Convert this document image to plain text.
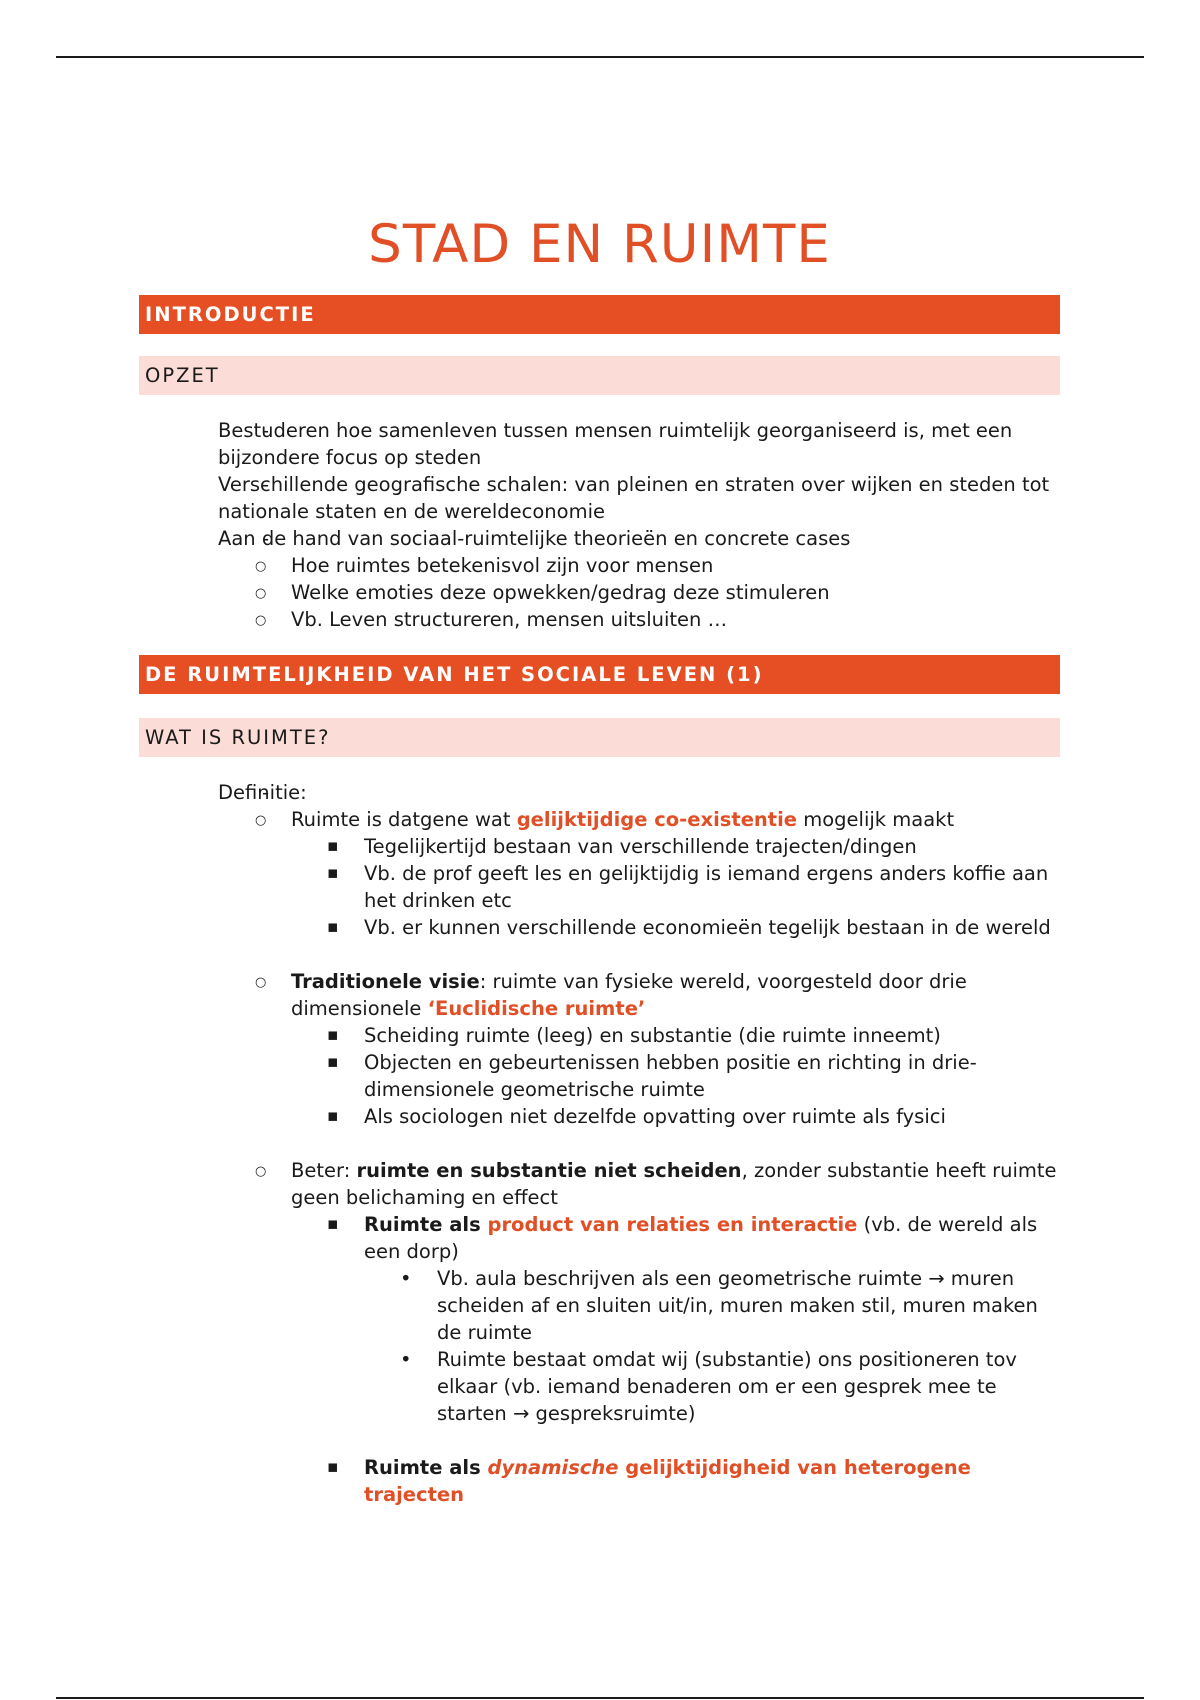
STAD EN RUIMTE
INTRODUCTIE
OPZET
- Bestuderen hoe samenleven tussen mensen ruimtelijk georganiseerd is, met een bijzondere focus op steden
- Verschillende geografische schalen: van pleinen en straten over wijken en steden tot nationale staten en de wereldeconomie
- Aan de hand van sociaal-ruimtelijke theorieën en concrete cases
○ Hoe ruimtes betekenisvol zijn voor mensen
○ Welke emoties deze opwekken/gedrag deze stimuleren
○ Vb. Leven structureren, mensen uitsluiten …
DE RUIMTELIJKHEID VAN HET SOCIALE LEVEN (1)
WAT IS RUIMTE?
- Definitie:
○ Ruimte is datgene wat gelijktijdige co-existentie mogelijk maakt
▪ Tegelijkertijd bestaan van verschillende trajecten/dingen
▪ Vb. de prof geeft les en gelijktijdig is iemand ergens anders koffie aan het drinken etc
▪ Vb. er kunnen verschillende economieën tegelijk bestaan in de wereld
○ Traditionele visie: ruimte van fysieke wereld, voorgesteld door drie dimensionele ‘Euclidische ruimte’
▪ Scheiding ruimte (leeg) en substantie (die ruimte inneemt)
▪ Objecten en gebeurtenissen hebben positie en richting in drie-dimensionele geometrische ruimte
▪ Als sociologen niet dezelfde opvatting over ruimte als fysici
○ Beter: ruimte en substantie niet scheiden, zonder substantie heeft ruimte geen belichaming en effect
▪ Ruimte als product van relaties en interactie (vb. de wereld als een dorp)
• Vb. aula beschrijven als een geometrische ruimte → muren scheiden af en sluiten uit/in, muren maken stil, muren maken de ruimte
• Ruimte bestaat omdat wij (substantie) ons positioneren tov elkaar (vb. iemand benaderen om er een gesprek mee te starten → gespreksruimte)
▪ Ruimte als dynamische gelijktijdigheid van heterogene trajecten
